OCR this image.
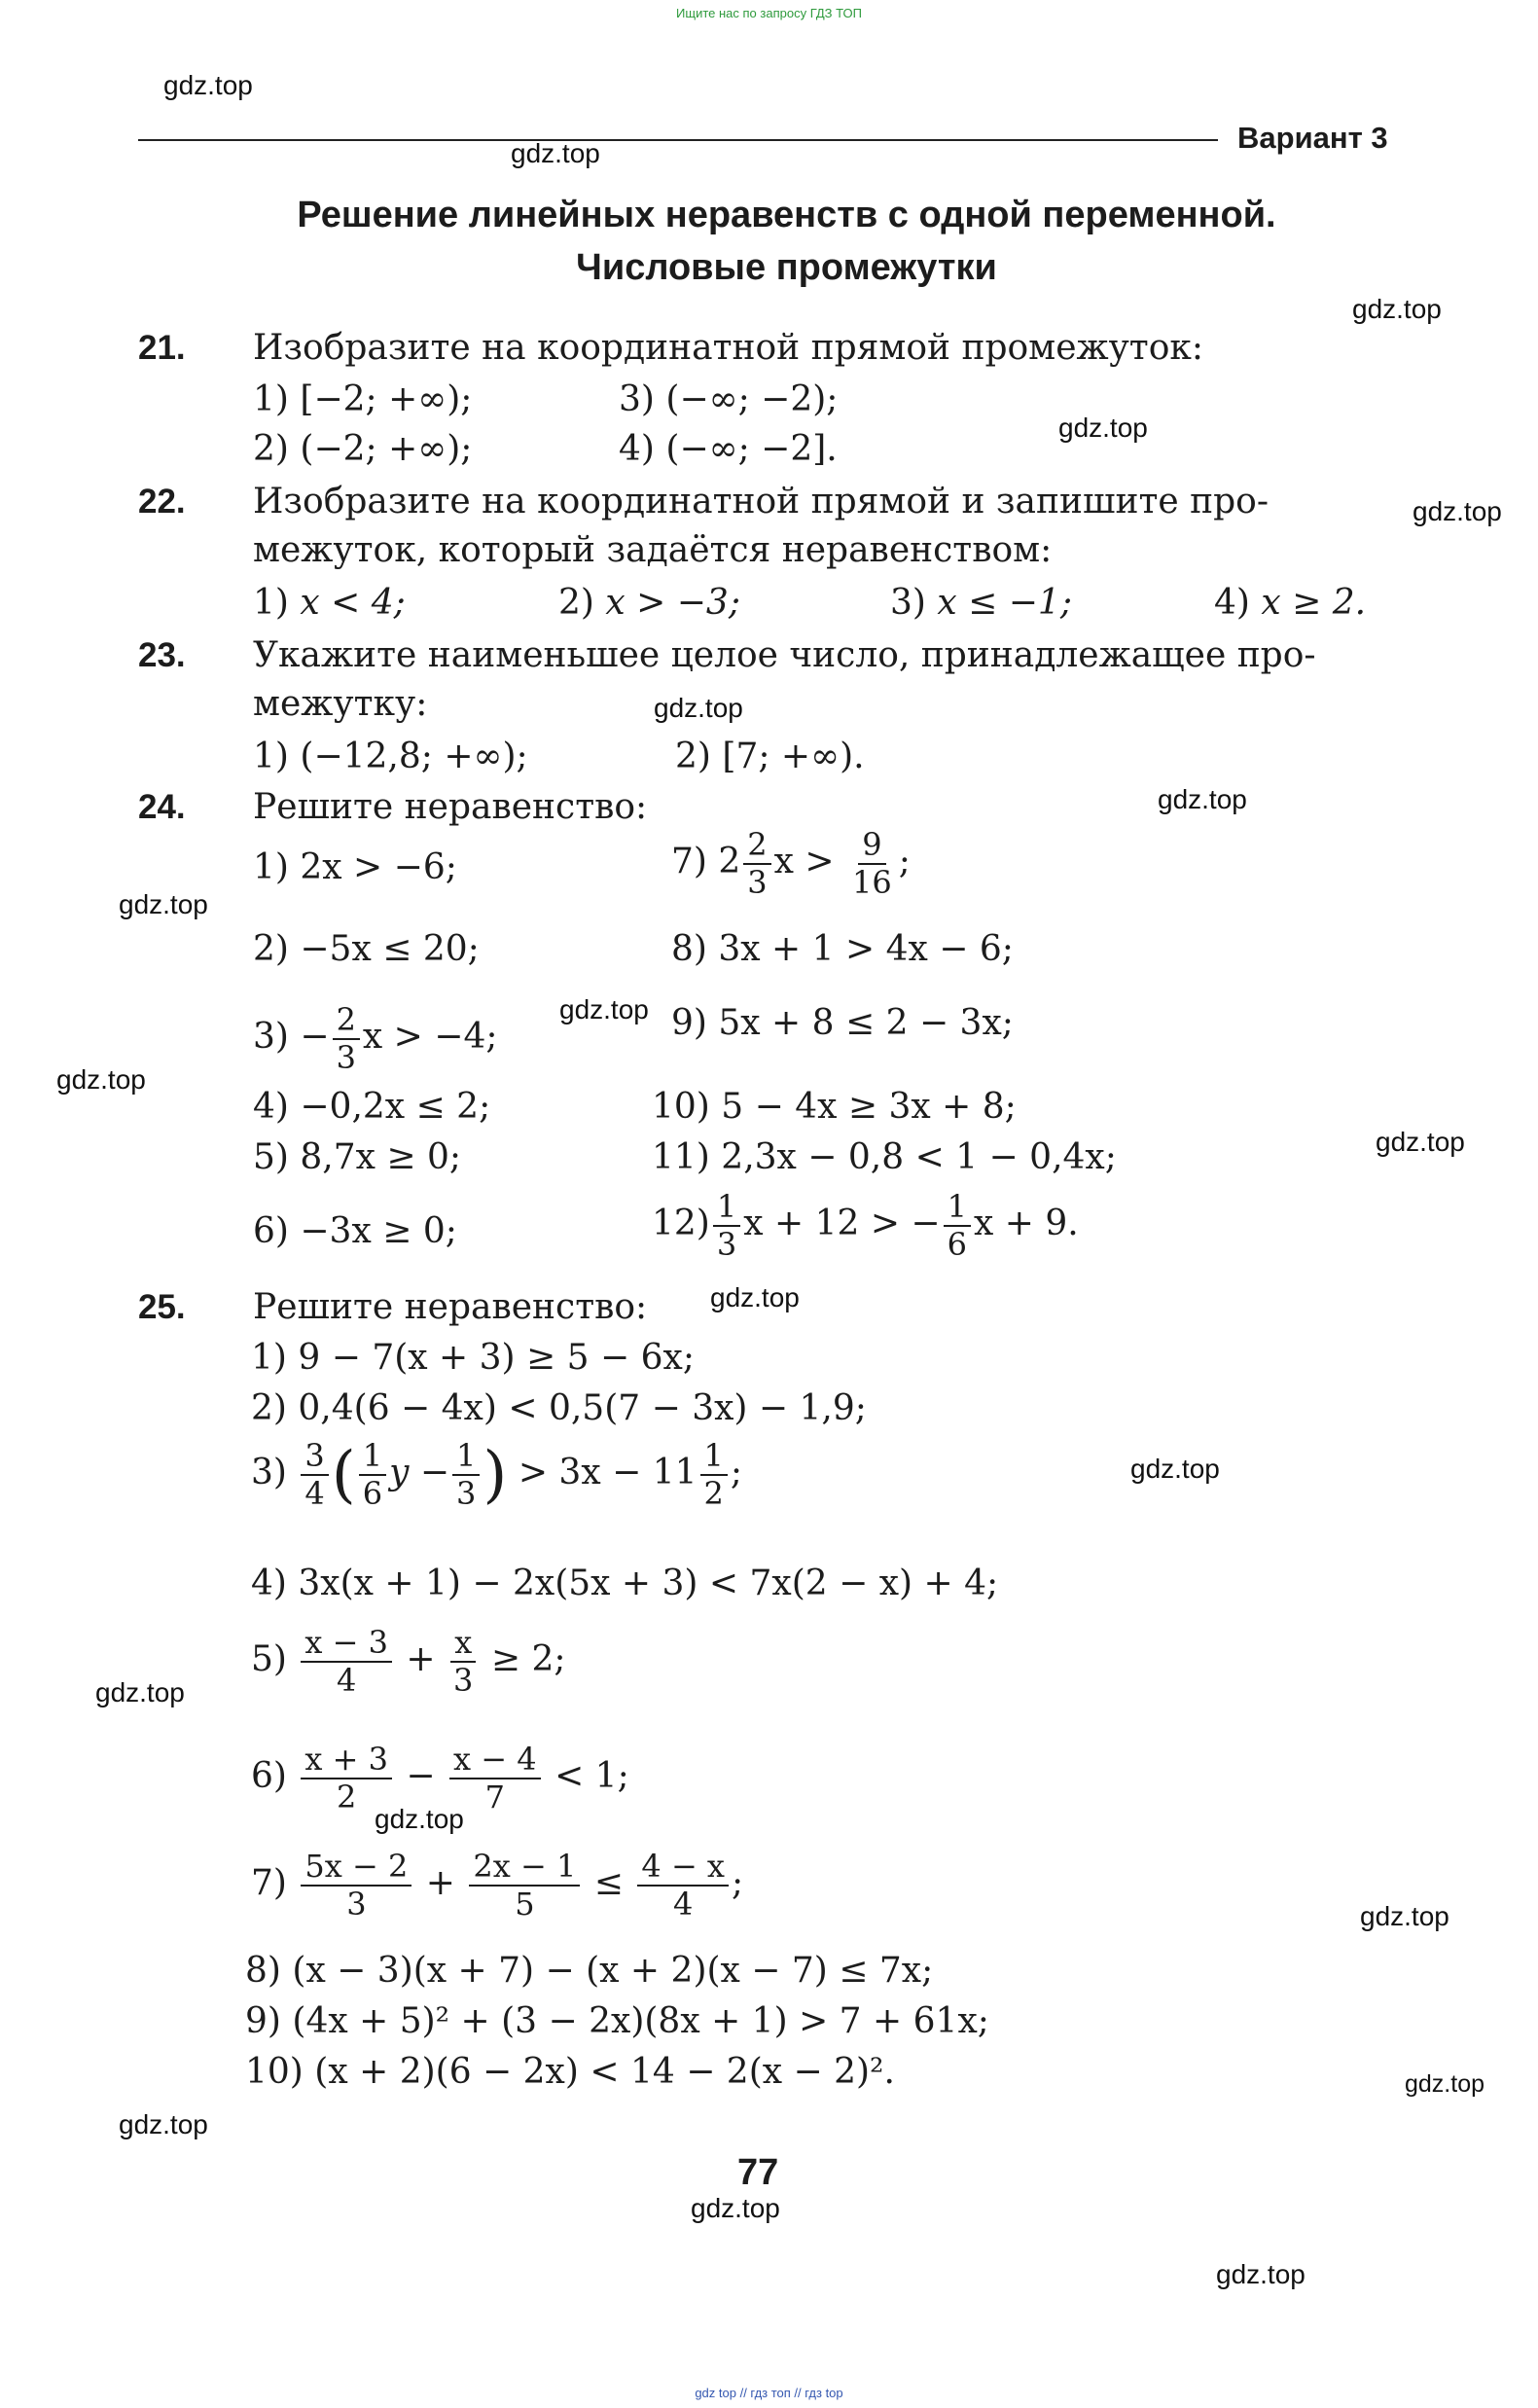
Ищите нас по запросу ГДЗ ТОП
Вариант 3
Решение линейных неравенств с одной переменной.
Числовые промежутки
21. Изобразите на координатной прямой промежуток:
1) [−2; +∞);	3) (−∞; −2);
2) (−2; +∞);	4) (−∞; −2].
22. Изобразите на координатной прямой и запишите про-
межуток, который задаётся неравенством:
1) x < 4;	2) x > −3;	3) x ≤ −1;	4) x ≥ 2.
23. Укажите наименьшее целое число, принадлежащее про-
межутку:
1) (−12,8; +∞);	2) [7; +∞).
24. Решите неравенство:
1) 2x > −6;	7) $2 \frac{2}{3}$ $x > \frac{9}{16}$ ;
2) −5x ≤ 20;	8) 3x + 1 > 4x − 6;
$3) - \frac{2}{3}$ x > −4;	9) 5x + 8 ≤ 2 − 3x;
4) −0,2x ≤ 2;	10) 5 − 4x ≥ 3x + 8;
5) 8,7x ≥ 0;	11) 2,3x − 0,8 < 1 − 0,4x;
6) −3x ≥ 0;	$12) \frac{1}{3}$ x + 12 > − $\frac{1}{6}$ x + 9.
25. Решите неравенство:
1) 9 − 7(x + 3) ≥ 5 − 6x;
2) 0,4(6 − 4x) < 0,5(7 − 3x) − 1,9;
$3) \frac{3}{4}$ ( $\frac{1}{6}$ $y - \frac{1}{3}$ ) > $3x - 11 \frac{1}{2}$ ;
4) 3x(x + 1) − 2x(5x + 3) < 7x(2 − x) + 4;
$5) \frac{x - 3}{4} + \frac{x}{3} \ge 2$;
$6) \frac{x + 3}{2} - \frac{x - 4}{7} < 1$;
$7) \frac{5x - 2}{3} + \frac{2x - 1}{5} \le \frac{4 - x}{4}$ ;
8) (x − 3)(x + 7) − (x + 2)(x − 7) ≤ 7x;
9) (4x + 5)² + (3 − 2x)(8x + 1) > 7 + 61x;
10) (x + 2)(6 − 2x) < 14 − 2(x − 2)².
77
gdz.top
gdz.top
gdz.top
gdz.top
gdz.top
gdz.top
gdz.top
gdz.top
gdz.top
gdz.top
gdz.top
gdz.top
gdz.top
gdz.top
gdz.top
gdz.top
gdz.top
gdz.top
gdz.top
gdz.top
gdz top // гдз топ // гдз top
